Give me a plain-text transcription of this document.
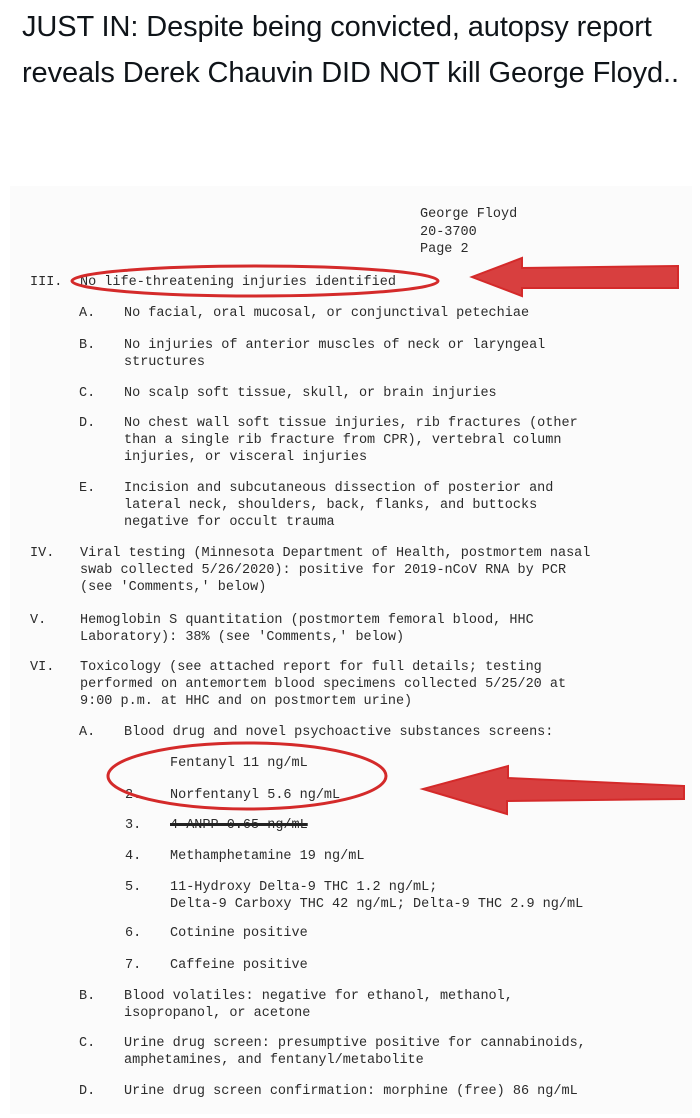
JUST IN: Despite being convicted, autopsy report reveals Derek Chauvin DID NOT kill George Floyd..
George Floyd
20-3700
Page 2
III. No life-threatening injuries identified
A. No facial, oral mucosal, or conjunctival petechiae
B. No injuries of anterior muscles of neck or laryngeal
structures
C. No scalp soft tissue, skull, or brain injuries
D. No chest wall soft tissue injuries, rib fractures (other
than a single rib fracture from CPR), vertebral column
injuries, or visceral injuries
E. Incision and subcutaneous dissection of posterior and
lateral neck, shoulders, back, flanks, and buttocks
negative for occult trauma
IV. Viral testing (Minnesota Department of Health, postmortem nasal
swab collected 5/26/2020): positive for 2019-nCoV RNA by PCR
(see 'Comments,' below)
V.	Hemoglobin S quantitation (postmortem femoral blood, HHC
Laboratory): 38% (see 'Comments,' below)
VI. Toxicology (see attached report for full details; testing
performed on antemortem blood specimens collected 5/25/20 at
9:00 p.m. at HHC and on postmortem urine)
A. Blood drug and novel psychoactive substances screens:
Fentanyl 11 ng/mL
2. Norfentanyl 5.6 ng/mL
3. 4-ANPP 0.65 ng/mL
4. Methamphetamine 19 ng/mL
5. 11-Hydroxy Delta-9 THC 1.2 ng/mL;
Delta-9 Carboxy THC 42 ng/mL; Delta-9 THC 2.9 ng/mL
6. Cotinine positive
7. Caffeine positive
B. Blood volatiles: negative for ethanol, methanol,
isopropanol, or acetone
C. Urine drug screen: presumptive positive for cannabinoids,
amphetamines, and fentanyl/metabolite
D. Urine drug screen confirmation: morphine (free) 86 ng/mL
